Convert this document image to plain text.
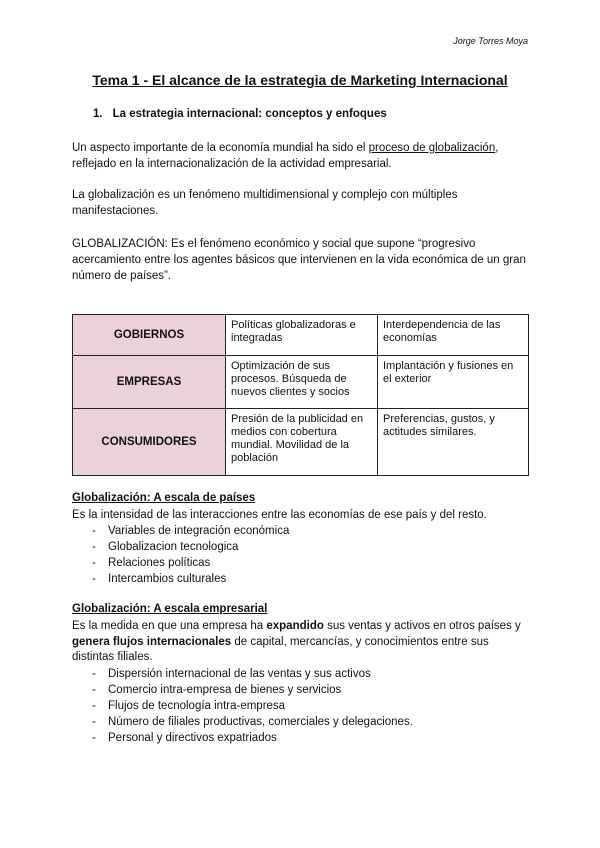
Jorge Torres Moya
Tema 1 - El alcance de la estrategia de Marketing Internacional
1. La estrategia internacional: conceptos y enfoques
Un aspecto importante de la economía mundial ha sido el proceso de globalización, reflejado en la internacionalización de la actividad empresarial.
La globalización es un fenómeno multidimensional y complejo con múltiples manifestaciones.
GLOBALIZACIÓN: Es el fenómeno económico y social que supone “progresivo acercamiento entre los agentes básicos que intervienen en la vida económica de un gran número de países”.
GOBIERNOS	Políticas globalizadoras e integradas	Interdependencia de las economías
EMPRESAS	Optimización de sus procesos. Búsqueda de nuevos clientes y socios	Implantación y fusiones en el exterior
CONSUMIDORES	Presión de la publicidad en medios con cobertura mundial. Movilidad de la población	Preferencias, gustos, y actitudes similares.
Globalización: A escala de países
Es la intensidad de las interacciones entre las economías de ese país y del resto.
- Variables de integración económica
- Globalizacion tecnologica
- Relaciones políticas
- Intercambios culturales
Globalización: A escala empresarial
Es la medida en que una empresa ha expandido sus ventas y activos en otros países y genera flujos internacionales de capital, mercancías, y conocimientos entre sus distintas filiales.
- Dispersión internacional de las ventas y sus activos
- Comercio intra-empresa de bienes y servicios
- Flujos de tecnología intra-empresa
- Número de filiales productivas, comerciales y delegaciones.
- Personal y directivos expatriados
